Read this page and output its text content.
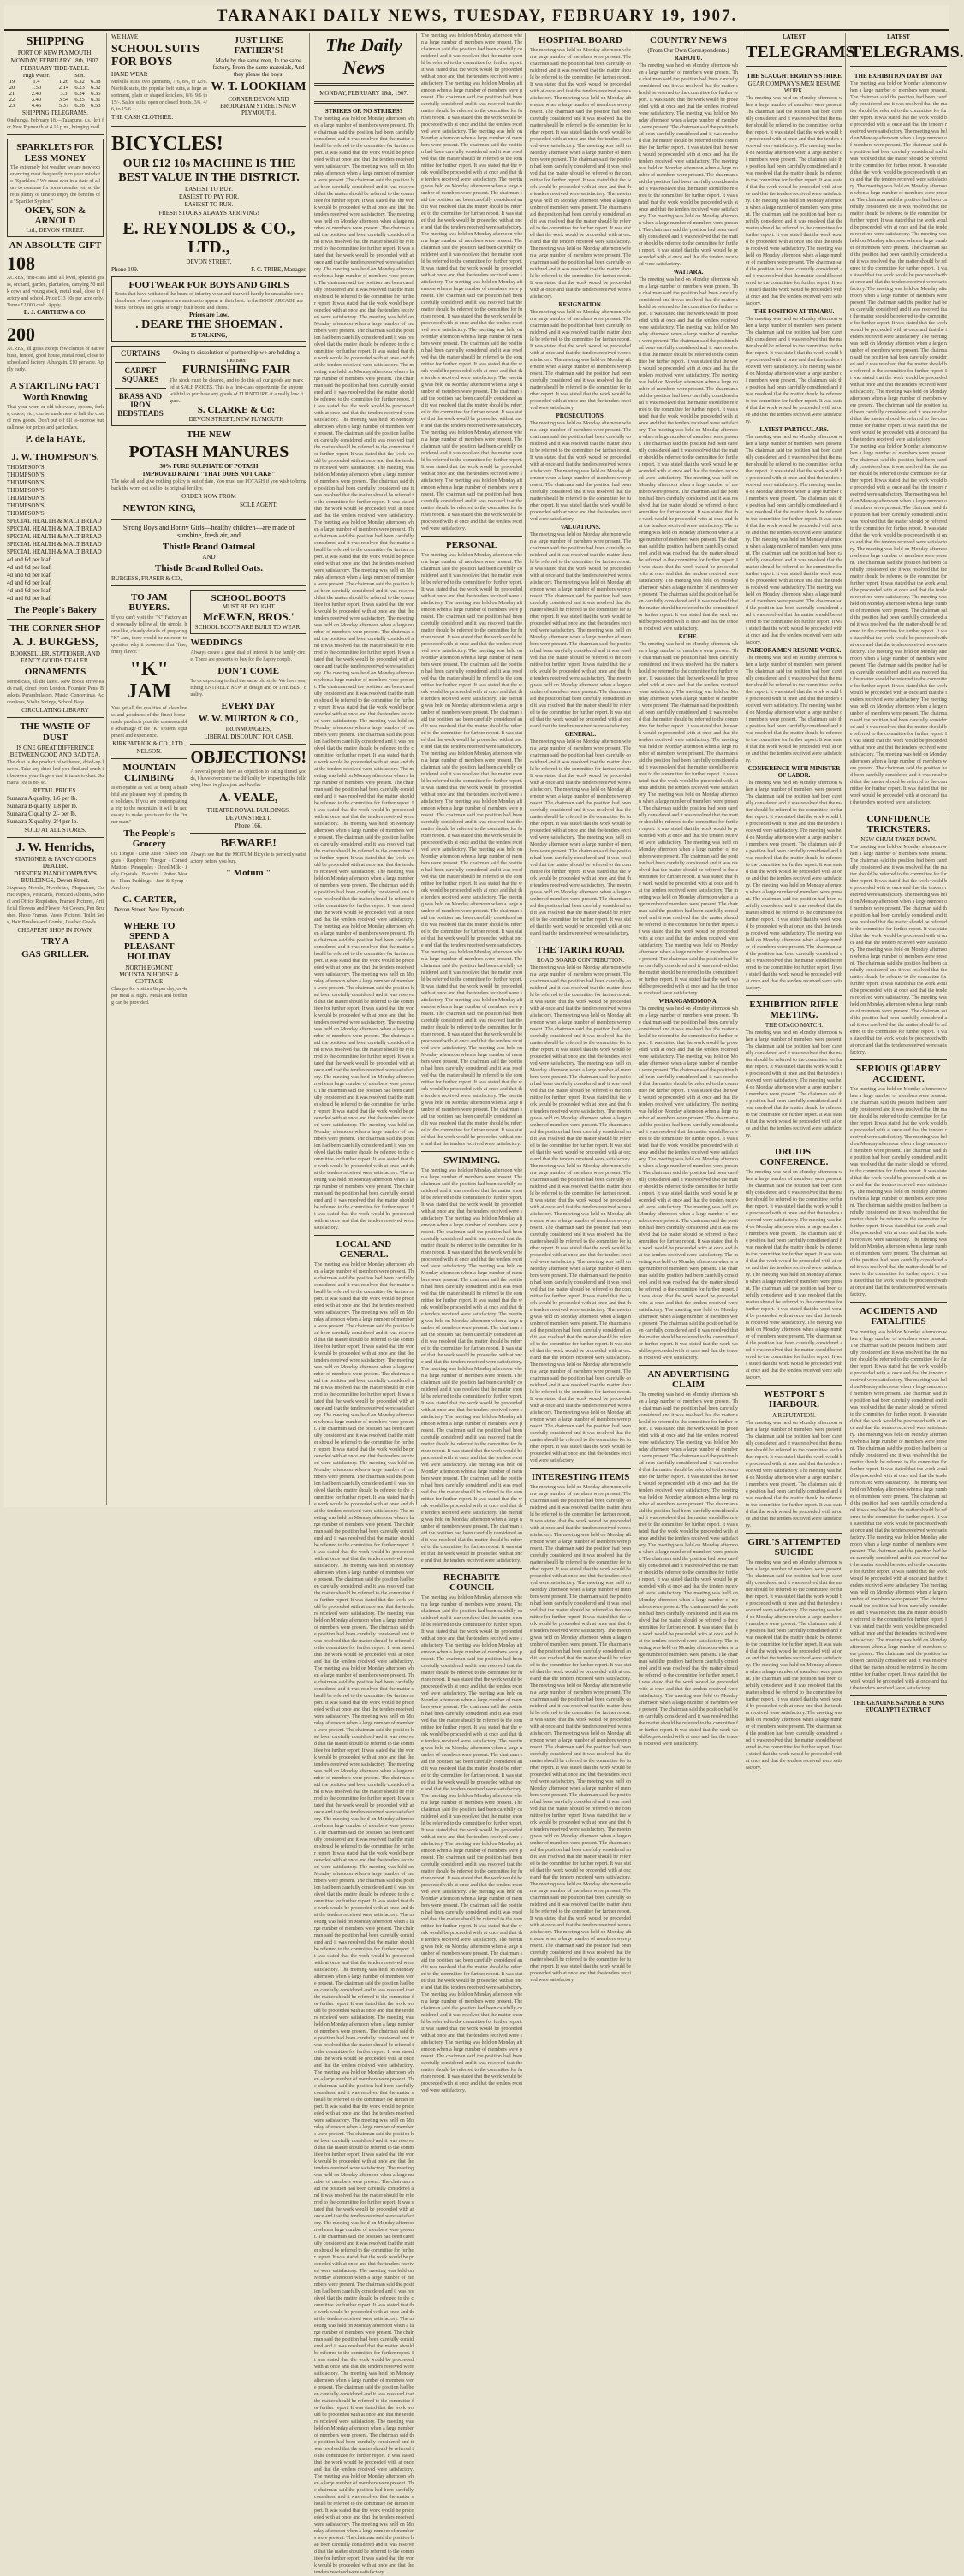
TARANAKI DAILY NEWS, TUESDAY, FEBRUARY 19, 1907.
SHIPPING
PORT OF NEW PLYMOUTH.
MONDAY, FEBRUARY 18th, 1907.
FEBRUARY TIDE-TABLE.
	High Water.		Sun.	
19	1.4	1.26	6.32	6.38
20	1.50	2.14	6.23	6.32
21	2.40	3.3	6.24	6.35
22	3.40	3.54	6.25	6.31
23	4.46	5.37	6.26	6.53
SHIPPING TELEGRAMS.
Onehunga, February 18.—Takapuna, s.s., left for New Plymouth at 4.15 p.m., bringing mail.
SPARKLETS FOR LESS MONEY
The extremely hot weather we are now experiencing must frequently turn your minds to "Sparklets." We must ever in a state of allure to continue for some months yet, so there is plenty of time to enjoy the benefits of a "Sparklet Syphon."
OKEY, SON & ARNOLD
Ltd., DEVON STREET.
AN ABSOLUTE GIFT
108
ACRES, first-class land, all level, splendid grass, orchard, garden, plantation, carrying 50 milk cows and young stock, metal road, close to factory and school. Price £13 10s per acre only. Terms £2,000 cash. Apply
E. J. CARTHEW & CO.
200
ACRES, all grass except few clumps of native bush, fenced, good house, metal road, close to school and factory. A bargain. £10 per acre. Apply early.
A STARTLING FACT Worth Knowing
That your worn or old tableware, spoons, forks, cruets, etc., can be made new at half the cost of new goods. Don't put off till to-morrow but call now for prices and particulars.
P. de la HAYE,
J. W. THOMPSON'S.
THOMPSON'S
THOMPSON'S
THOMPSON'S
THOMPSON'S
THOMPSON'S
THOMPSON'S
THOMPSON'S
SPECIAL HEALTH & MALT BREAD
SPECIAL HEALTH & MALT BREAD
SPECIAL HEALTH & MALT BREAD
SPECIAL HEALTH & MALT BREAD
SPECIAL HEALTH & MALT BREAD
4d and 6d per loaf.
4d and 6d per loaf.
4d and 6d per loaf.
4d and 6d per loaf.
4d and 6d per loaf.
4d and 6d per loaf.
The People's Bakery
THE CORNER SHOP
A. J. BURGESS,
BOOKSELLER, STATIONER, AND FANCY GOODS DEALER.
ORNAMENTS
Periodicals, all the latest. New books arrive each mail, direct from London. Fountain Pens, Baskets, Perambulators, Music, Concertinas, Accordions, Violin Strings, School Bags.
CIRCULATING LIBRARY
THE WASTE OF DUST
IS ONE GREAT DIFFERENCE BETWEEN GOOD AND BAD TEA.
The dust is the product of withered, dried-up leaves. Take any dried leaf you find and crush it between your fingers and it turns to dust. Sumatra Tea is not so.
RETAIL PRICES.
Sumatra A quality, 1/6 per lb.
Sumatra B quality, 1/8 per lb.
Sumatra C quality, 2/- per lb.
Sumatra X quality, 2/4 per lb.
SOLD AT ALL STORES.
J. W. Henrichs,
STATIONER & FANCY GOODS DEALER.
DRESDEN PIANO COMPANY'S BUILDINGS, Devon Street.
Sixpenny Novels, Novelettes, Magazines, Comic Papers, Postcards, Postcard Albums, School and Office Requisites, Framed Pictures, Artificial Flowers and Flower Pot Covers, Pen Brushes, Photo Frames, Vases, Pictures, Toilet Sets, Hair Brushes and Combs, Leather Goods.
CHEAPEST SHOP IN TOWN.
TRY A
GAS GRILLER.
WE HAVE
SCHOOL SUITS FOR BOYS
HAND WEAR
Melville suits, two garments, 7/6, 8/6, to 12/6. Norfolk suits, the popular belt suits, a large assortment, plain or shaped knickers, 8/6, 9/6 to 15/-. Sailor suits, open or closed fronts, 3/6, 4/6, to 15/6.
THE CASH CLOTHIER.
JUST LIKE FATHER'S!
Made by the same men, In the same factory, From the same materials, And they please the boys.
W. T. LOOKHAM
CORNER DEVON AND BRODGHAM STREETS NEW PLYMOUTH.
BICYCLES!
OUR £12 10s MACHINE IS THE BEST VALUE IN THE DISTRICT.
EASIEST TO BUY.
EASIEST TO PAY FOR.
EASIEST TO RUN.
FRESH STOCKS ALWAYS ARRIVING!
E. REYNOLDS & CO., LTD.,
DEVON STREET.
Phone 109.	F. C. TRIBE, Manager.
FOOTWEAR FOR BOYS AND GIRLS
Boots that have withstood the brunt of infantry wear and tear will hardly be unsuitable for schoolwear where youngsters are anxious to appear at their best. In the BOOT ARCADE are boots for boys and girls, strongly built boots and shoes.
Prices are Low.
. DEARE THE SHOEMAN .
IS TALKING,
CURTAINS
CARPET SQUARES
BRASS AND IRON BEDSTEADS
Owing to dissolution of partnership we are holding a monster
FURNISHING FAIR
The stock must be cleared, and to do this all our goods are marked at SALE PRICES. This is a first-class opportunity for anyone wishful to purchase any goods of FURNITURE at a really low figure.
S. CLARKE & Co:
DEVON STREET, NEW PLYMOUTH
THE NEW
POTASH MANURES
30% PURE SULPHATE OF POTASH
IMPROVED KAINIT "THAT DOES NOT CAKE"
The take all and give nothing policy is out of date. You must use POTASH if you wish to bring back the worn out soil to its original fertility.
ORDER NOW FROM
NEWTON KING,	SOLE AGENT.
Strong Boys and Bonny Girls—healthy children—are made of sunshine, fresh air, and
Thistle Brand Oatmeal
AND
Thistle Brand Rolled Oats.
BURGESS, FRASER & CO.,
TO JAM BUYERS.
If you can't visit the "K" Factory and personally follow all the simple, homelike, cleanly details of preparing "K" Jam, there would be no room to question why it possesses that "fine, fruity flavor."
"K" JAM
You get all the qualities of cleanliness and goodness of the finest home-made products plus the unmeasurable advantage of the "K" system, equipment and experience.
KIRKPATRICK & CO., LTD.,
NELSON.
MOUNTAIN CLIMBING
Is enjoyable as well as being a healthful and pleasant way of spending the holidays. If you are contemplating a trip to the mountain, it will be necessary to make provision for the "inner man."
The People's Grocery
Ox Tongue · Lime Juice · Sheep Tongues · Raspberry Vinegar · Corned Mutton · Pineapples · Dried Milk · Jelly Crystals · Biscuits · Potted Meats · Plum Puddings · Jam & Syrup · Anchovy
C. CARTER,
Devon Street, New Plymouth
WHERE TO SPEND A PLEASANT HOLIDAY
NORTH EGMONT MOUNTAIN HOUSE & COTTAGE
Charges for visitors 8s per day, or 4s per meal at night. Meals and bedding can be provided.
SCHOOL BOOTS
MUST BE BOUGHT
McEWEN, BROS.'
SCHOOL BOOTS ARE BUILT TO WEAR!
WEDDINGS
Always create a great deal of interest in the family circle. There are presents to buy for the happy couple.
DON'T COME
To us expecting to find the same old style. We have something ENTIRELY NEW in design and of THE BEST quality.
EVERY DAY
W. W. MURTON & CO.,
IRONMONGERS,
LIBERAL DISCOUNT FOR CASH.
OBJECTIONS!
A several people have an objection to eating tinned goods, I have overcome the difficulty by importing the following lines in glass jars and bottles.
A. VEALE,
THEATRE ROYAL BUILDINGS,
DEVON STREET.
Phone 166.
BEWARE!
Always see that the MOTUM Bicycle is perfectly satisfactory before you buy.
" Motum "
The Daily News
MONDAY, FEBRUARY 18th, 1907.
STRIKES OR NO STRIKES?
The meeting was held on Monday afternoon when a large number of members were present. The chairman said the position had been carefully considered and it was resolved that the matter should be referred to the committee for further report. It was stated that the work would be proceeded with at once and that the tenders received were satisfactory. The meeting was held on Monday afternoon when a large number of members were present. The chairman said the position had been carefully considered and it was resolved that the matter should be referred to the committee for further report. It was stated that the work would be proceeded with at once and that the tenders received were satisfactory. The meeting was held on Monday afternoon when a large number of members were present. The chairman said the position had been carefully considered and it was resolved that the matter should be referred to the committee for further report. It was stated that the work would be proceeded with at once and that the tenders received were satisfactory. The meeting was held on Monday afternoon when a large number of members were present. The chairman said the position had been carefully considered and it was resolved that the matter should be referred to the committee for further report. It was stated that the work would be proceeded with at once and that the tenders received were satisfactory. The meeting was held on Monday afternoon when a large number of members were present. The chairman said the position had been carefully considered and it was resolved that the matter should be referred to the committee for further report. It was stated that the work would be proceeded with at once and that the tenders received were satisfactory. The meeting was held on Monday afternoon when a large number of members were present. The chairman said the position had been carefully considered and it was resolved that the matter should be referred to the committee for further report. It was stated that the work would be proceeded with at once and that the tenders received were satisfactory. The meeting was held on Monday afternoon when a large number of members were present. The chairman said the position had been carefully considered and it was resolved that the matter should be referred to the committee for further report. It was stated that the work would be proceeded with at once and that the tenders received were satisfactory. The meeting was held on Monday afternoon when a large number of members were present. The chairman said the position had been carefully considered and it was resolved that the matter should be referred to the committee for further report. It was stated that the work would be proceeded with at once and that the tenders received were satisfactory. The meeting was held on Monday afternoon when a large number of members were present. The chairman said the position had been carefully considered and it was resolved that the matter should be referred to the committee for further report. It was stated that the work would be proceeded with at once and that the tenders received were satisfactory. The meeting was held on Monday afternoon when a large number of members were present. The chairman said the position had been carefully considered and it was resolved that the matter should be referred to the committee for further report. It was stated that the work would be proceeded with at once and that the tenders received were satisfactory. The meeting was held on Monday afternoon when a large number of members were present. The chairman said the position had been carefully considered and it was resolved that the matter should be referred to the committee for further report. It was stated that the work would be proceeded with at once and that the tenders received were satisfactory. The meeting was held on Monday afternoon when a large number of members were present. The chairman said the position had been carefully considered and it was resolved that the matter should be referred to the committee for further report. It was stated that the work would be proceeded with at once and that the tenders received were satisfactory. The meeting was held on Monday afternoon when a large number of members were present. The chairman said the position had been carefully considered and it was resolved that the matter should be referred to the committee for further report. It was stated that the work would be proceeded with at once and that the tenders received were satisfactory. The meeting was held on Monday afternoon when a large number of members were present. The chairman said the position had been carefully considered and it was resolved that the matter should be referred to the committee for further report. It was stated that the work would be proceeded with at once and that the tenders received were satisfactory. The meeting was held on Monday afternoon when a large number of members were present. The chairman said the position had been carefully considered and it was resolved that the matter should be referred to the committee for further report. It was stated that the work would be proceeded with at once and that the tenders received were satisfactory. The meeting was held on Monday afternoon when a large number of members were present. The chairman said the position had been carefully considered and it was resolved that the matter should be referred to the committee for further report. It was stated that the work would be proceeded with at once and that the tenders received were satisfactory. The meeting was held on Monday afternoon when a large number of members were present. The chairman said the position had been carefully considered and it was resolved that the matter should be referred to the committee for further report. It was stated that the work would be proceeded with at once and that the tenders received were satisfactory. The meeting was held on Monday afternoon when a large number of members were present. The chairman said the position had been carefully considered and it was resolved that the matter should be referred to the committee for further report. It was stated that the work would be proceeded with at once and that the tenders received were satisfactory. The meeting was held on Monday afternoon when a large number of members were present. The chairman said the position had been carefully considered and it was resolved that the matter should be referred to the committee for further report. It was stated that the work would be proceeded with at once and that the tenders received were satisfactory. The meeting was held on Monday afternoon when a large number of members were present. The chairman said the position had been carefully considered and it was resolved that the matter should be referred to the committee for further report. It was stated that the work would be proceeded with at once and that the tenders received were satisfactory. The meeting was held on Monday afternoon when a large number of members were present. The chairman said the position had been carefully considered and it was resolved that the matter should be referred to the committee for further report. It was stated that the work would be proceeded with at once and that the tenders received were satisfactory. The meeting was held on Monday afternoon when a large number of members were present. The chairman said the position had been carefully considered and it was resolved that the matter should be referred to the committee for further report. It was stated that the work would be proceeded with at once and that the tenders received were satisfactory.
LOCAL AND GENERAL.
The meeting was held on Monday afternoon when a large number of members were present. The chairman said the position had been carefully considered and it was resolved that the matter should be referred to the committee for further report. It was stated that the work would be proceeded with at once and that the tenders received were satisfactory. The meeting was held on Monday afternoon when a large number of members were present. The chairman said the position had been carefully considered and it was resolved that the matter should be referred to the committee for further report. It was stated that the work would be proceeded with at once and that the tenders received were satisfactory. The meeting was held on Monday afternoon when a large number of members were present. The chairman said the position had been carefully considered and it was resolved that the matter should be referred to the committee for further report. It was stated that the work would be proceeded with at once and that the tenders received were satisfactory. The meeting was held on Monday afternoon when a large number of members were present. The chairman said the position had been carefully considered and it was resolved that the matter should be referred to the committee for further report. It was stated that the work would be proceeded with at once and that the tenders received were satisfactory. The meeting was held on Monday afternoon when a large number of members were present. The chairman said the position had been carefully considered and it was resolved that the matter should be referred to the committee for further report. It was stated that the work would be proceeded with at once and that the tenders received were satisfactory. The meeting was held on Monday afternoon when a large number of members were present. The chairman said the position had been carefully considered and it was resolved that the matter should be referred to the committee for further report. It was stated that the work would be proceeded with at once and that the tenders received were satisfactory. The meeting was held on Monday afternoon when a large number of members were present. The chairman said the position had been carefully considered and it was resolved that the matter should be referred to the committee for further report. It was stated that the work would be proceeded with at once and that the tenders received were satisfactory. The meeting was held on Monday afternoon when a large number of members were present. The chairman said the position had been carefully considered and it was resolved that the matter should be referred to the committee for further report. It was stated that the work would be proceeded with at once and that the tenders received were satisfactory. The meeting was held on Monday afternoon when a large number of members were present. The chairman said the position had been carefully considered and it was resolved that the matter should be referred to the committee for further report. It was stated that the work would be proceeded with at once and that the tenders received were satisfactory. The meeting was held on Monday afternoon when a large number of members were present. The chairman said the position had been carefully considered and it was resolved that the matter should be referred to the committee for further report. It was stated that the work would be proceeded with at once and that the tenders received were satisfactory. The meeting was held on Monday afternoon when a large number of members were present. The chairman said the position had been carefully considered and it was resolved that the matter should be referred to the committee for further report. It was stated that the work would be proceeded with at once and that the tenders received were satisfactory. The meeting was held on Monday afternoon when a large number of members were present. The chairman said the position had been carefully considered and it was resolved that the matter should be referred to the committee for further report. It was stated that the work would be proceeded with at once and that the tenders received were satisfactory. The meeting was held on Monday afternoon when a large number of members were present. The chairman said the position had been carefully considered and it was resolved that the matter should be referred to the committee for further report. It was stated that the work would be proceeded with at once and that the tenders received were satisfactory. The meeting was held on Monday afternoon when a large number of members were present. The chairman said the position had been carefully considered and it was resolved that the matter should be referred to the committee for further report. It was stated that the work would be proceeded with at once and that the tenders received were satisfactory. The meeting was held on Monday afternoon when a large number of members were present. The chairman said the position had been carefully considered and it was resolved that the matter should be referred to the committee for further report. It was stated that the work would be proceeded with at once and that the tenders received were satisfactory. The meeting was held on Monday afternoon when a large number of members were present. The chairman said the position had been carefully considered and it was resolved that the matter should be referred to the committee for further report. It was stated that the work would be proceeded with at once and that the tenders received were satisfactory. The meeting was held on Monday afternoon when a large number of members were present. The chairman said the position had been carefully considered and it was resolved that the matter should be referred to the committee for further report. It was stated that the work would be proceeded with at once and that the tenders received were satisfactory. The meeting was held on Monday afternoon when a large number of members were present. The chairman said the position had been carefully considered and it was resolved that the matter should be referred to the committee for further report. It was stated that the work would be proceeded with at once and that the tenders received were satisfactory. The meeting was held on Monday afternoon when a large number of members were present. The chairman said the position had been carefully considered and it was resolved that the matter should be referred to the committee for further report. It was stated that the work would be proceeded with at once and that the tenders received were satisfactory. The meeting was held on Monday afternoon when a large number of members were present. The chairman said the position had been carefully considered and it was resolved that the matter should be referred to the committee for further report. It was stated that the work would be proceeded with at once and that the tenders received were satisfactory. The meeting was held on Monday afternoon when a large number of members were present. The chairman said the position had been carefully considered and it was resolved that the matter should be referred to the committee for further report. It was stated that the work would be proceeded with at once and that the tenders received were satisfactory. The meeting was held on Monday afternoon when a large number of members were present. The chairman said the position had been carefully considered and it was resolved that the matter should be referred to the committee for further report. It was stated that the work would be proceeded with at once and that the tenders received were satisfactory. The meeting was held on Monday afternoon when a large number of members were present. The chairman said the position had been carefully considered and it was resolved that the matter should be referred to the committee for further report. It was stated that the work would be proceeded with at once and that the tenders received were satisfactory. The meeting was held on Monday afternoon when a large number of members were present. The chairman said the position had been carefully considered and it was resolved that the matter should be referred to the committee for further report. It was stated that the work would be proceeded with at once and that the tenders received were satisfactory. The meeting was held on Monday afternoon when a large number of members were present. The chairman said the position had been carefully considered and it was resolved that the matter should be referred to the committee for further report. It was stated that the work would be proceeded with at once and that the tenders received were satisfactory. The meeting was held on Monday afternoon when a large number of members were present. The chairman said the position had been carefully considered and it was resolved that the matter should be referred to the committee for further report. It was stated that the work would be proceeded with at once and that the tenders received were satisfactory.
The meeting was held on Monday afternoon when a large number of members were present. The chairman said the position had been carefully considered and it was resolved that the matter should be referred to the committee for further report. It was stated that the work would be proceeded with at once and that the tenders received were satisfactory. The meeting was held on Monday afternoon when a large number of members were present. The chairman said the position had been carefully considered and it was resolved that the matter should be referred to the committee for further report. It was stated that the work would be proceeded with at once and that the tenders received were satisfactory. The meeting was held on Monday afternoon when a large number of members were present. The chairman said the position had been carefully considered and it was resolved that the matter should be referred to the committee for further report. It was stated that the work would be proceeded with at once and that the tenders received were satisfactory. The meeting was held on Monday afternoon when a large number of members were present. The chairman said the position had been carefully considered and it was resolved that the matter should be referred to the committee for further report. It was stated that the work would be proceeded with at once and that the tenders received were satisfactory. The meeting was held on Monday afternoon when a large number of members were present. The chairman said the position had been carefully considered and it was resolved that the matter should be referred to the committee for further report. It was stated that the work would be proceeded with at once and that the tenders received were satisfactory. The meeting was held on Monday afternoon when a large number of members were present. The chairman said the position had been carefully considered and it was resolved that the matter should be referred to the committee for further report. It was stated that the work would be proceeded with at once and that the tenders received were satisfactory. The meeting was held on Monday afternoon when a large number of members were present. The chairman said the position had been carefully considered and it was resolved that the matter should be referred to the committee for further report. It was stated that the work would be proceeded with at once and that the tenders received were satisfactory. The meeting was held on Monday afternoon when a large number of members were present. The chairman said the position had been carefully considered and it was resolved that the matter should be referred to the committee for further report. It was stated that the work would be proceeded with at once and that the tenders received were satisfactory. The meeting was held on Monday afternoon when a large number of members were present. The chairman said the position had been carefully considered and it was resolved that the matter should be referred to the committee for further report. It was stated that the work would be proceeded with at once and that the tenders received were satisfactory. The meeting was held on Monday afternoon when a large number of members were present. The chairman said the position had been carefully considered and it was resolved that the matter should be referred to the committee for further report. It was stated that the work would be proceeded with at once and that the tenders received were satisfactory.
PERSONAL
The meeting was held on Monday afternoon when a large number of members were present. The chairman said the position had been carefully considered and it was resolved that the matter should be referred to the committee for further report. It was stated that the work would be proceeded with at once and that the tenders received were satisfactory. The meeting was held on Monday afternoon when a large number of members were present. The chairman said the position had been carefully considered and it was resolved that the matter should be referred to the committee for further report. It was stated that the work would be proceeded with at once and that the tenders received were satisfactory. The meeting was held on Monday afternoon when a large number of members were present. The chairman said the position had been carefully considered and it was resolved that the matter should be referred to the committee for further report. It was stated that the work would be proceeded with at once and that the tenders received were satisfactory. The meeting was held on Monday afternoon when a large number of members were present. The chairman said the position had been carefully considered and it was resolved that the matter should be referred to the committee for further report. It was stated that the work would be proceeded with at once and that the tenders received were satisfactory. The meeting was held on Monday afternoon when a large number of members were present. The chairman said the position had been carefully considered and it was resolved that the matter should be referred to the committee for further report. It was stated that the work would be proceeded with at once and that the tenders received were satisfactory. The meeting was held on Monday afternoon when a large number of members were present. The chairman said the position had been carefully considered and it was resolved that the matter should be referred to the committee for further report. It was stated that the work would be proceeded with at once and that the tenders received were satisfactory. The meeting was held on Monday afternoon when a large number of members were present. The chairman said the position had been carefully considered and it was resolved that the matter should be referred to the committee for further report. It was stated that the work would be proceeded with at once and that the tenders received were satisfactory. The meeting was held on Monday afternoon when a large number of members were present. The chairman said the position had been carefully considered and it was resolved that the matter should be referred to the committee for further report. It was stated that the work would be proceeded with at once and that the tenders received were satisfactory. The meeting was held on Monday afternoon when a large number of members were present. The chairman said the position had been carefully considered and it was resolved that the matter should be referred to the committee for further report. It was stated that the work would be proceeded with at once and that the tenders received were satisfactory. The meeting was held on Monday afternoon when a large number of members were present. The chairman said the position had been carefully considered and it was resolved that the matter should be referred to the committee for further report. It was stated that the work would be proceeded with at once and that the tenders received were satisfactory. The meeting was held on Monday afternoon when a large number of members were present. The chairman said the position had been carefully considered and it was resolved that the matter should be referred to the committee for further report. It was stated that the work would be proceeded with at once and that the tenders received were satisfactory. The meeting was held on Monday afternoon when a large number of members were present. The chairman said the position had been carefully considered and it was resolved that the matter should be referred to the committee for further report. It was stated that the work would be proceeded with at once and that the tenders received were satisfactory.
SWIMMING.
The meeting was held on Monday afternoon when a large number of members were present. The chairman said the position had been carefully considered and it was resolved that the matter should be referred to the committee for further report. It was stated that the work would be proceeded with at once and that the tenders received were satisfactory. The meeting was held on Monday afternoon when a large number of members were present. The chairman said the position had been carefully considered and it was resolved that the matter should be referred to the committee for further report. It was stated that the work would be proceeded with at once and that the tenders received were satisfactory. The meeting was held on Monday afternoon when a large number of members were present. The chairman said the position had been carefully considered and it was resolved that the matter should be referred to the committee for further report. It was stated that the work would be proceeded with at once and that the tenders received were satisfactory. The meeting was held on Monday afternoon when a large number of members were present. The chairman said the position had been carefully considered and it was resolved that the matter should be referred to the committee for further report. It was stated that the work would be proceeded with at once and that the tenders received were satisfactory. The meeting was held on Monday afternoon when a large number of members were present. The chairman said the position had been carefully considered and it was resolved that the matter should be referred to the committee for further report. It was stated that the work would be proceeded with at once and that the tenders received were satisfactory. The meeting was held on Monday afternoon when a large number of members were present. The chairman said the position had been carefully considered and it was resolved that the matter should be referred to the committee for further report. It was stated that the work would be proceeded with at once and that the tenders received were satisfactory. The meeting was held on Monday afternoon when a large number of members were present. The chairman said the position had been carefully considered and it was resolved that the matter should be referred to the committee for further report. It was stated that the work would be proceeded with at once and that the tenders received were satisfactory. The meeting was held on Monday afternoon when a large number of members were present. The chairman said the position had been carefully considered and it was resolved that the matter should be referred to the committee for further report. It was stated that the work would be proceeded with at once and that the tenders received were satisfactory.
RECHABITE COUNCIL
The meeting was held on Monday afternoon when a large number of members were present. The chairman said the position had been carefully considered and it was resolved that the matter should be referred to the committee for further report. It was stated that the work would be proceeded with at once and that the tenders received were satisfactory. The meeting was held on Monday afternoon when a large number of members were present. The chairman said the position had been carefully considered and it was resolved that the matter should be referred to the committee for further report. It was stated that the work would be proceeded with at once and that the tenders received were satisfactory. The meeting was held on Monday afternoon when a large number of members were present. The chairman said the position had been carefully considered and it was resolved that the matter should be referred to the committee for further report. It was stated that the work would be proceeded with at once and that the tenders received were satisfactory. The meeting was held on Monday afternoon when a large number of members were present. The chairman said the position had been carefully considered and it was resolved that the matter should be referred to the committee for further report. It was stated that the work would be proceeded with at once and that the tenders received were satisfactory. The meeting was held on Monday afternoon when a large number of members were present. The chairman said the position had been carefully considered and it was resolved that the matter should be referred to the committee for further report. It was stated that the work would be proceeded with at once and that the tenders received were satisfactory. The meeting was held on Monday afternoon when a large number of members were present. The chairman said the position had been carefully considered and it was resolved that the matter should be referred to the committee for further report. It was stated that the work would be proceeded with at once and that the tenders received were satisfactory. The meeting was held on Monday afternoon when a large number of members were present. The chairman said the position had been carefully considered and it was resolved that the matter should be referred to the committee for further report. It was stated that the work would be proceeded with at once and that the tenders received were satisfactory. The meeting was held on Monday afternoon when a large number of members were present. The chairman said the position had been carefully considered and it was resolved that the matter should be referred to the committee for further report. It was stated that the work would be proceeded with at once and that the tenders received were satisfactory. The meeting was held on Monday afternoon when a large number of members were present. The chairman said the position had been carefully considered and it was resolved that the matter should be referred to the committee for further report. It was stated that the work would be proceeded with at once and that the tenders received were satisfactory. The meeting was held on Monday afternoon when a large number of members were present. The chairman said the position had been carefully considered and it was resolved that the matter should be referred to the committee for further report. It was stated that the work would be proceeded with at once and that the tenders received were satisfactory.
HOSPITAL BOARD
The meeting was held on Monday afternoon when a large number of members were present. The chairman said the position had been carefully considered and it was resolved that the matter should be referred to the committee for further report. It was stated that the work would be proceeded with at once and that the tenders received were satisfactory. The meeting was held on Monday afternoon when a large number of members were present. The chairman said the position had been carefully considered and it was resolved that the matter should be referred to the committee for further report. It was stated that the work would be proceeded with at once and that the tenders received were satisfactory. The meeting was held on Monday afternoon when a large number of members were present. The chairman said the position had been carefully considered and it was resolved that the matter should be referred to the committee for further report. It was stated that the work would be proceeded with at once and that the tenders received were satisfactory. The meeting was held on Monday afternoon when a large number of members were present. The chairman said the position had been carefully considered and it was resolved that the matter should be referred to the committee for further report. It was stated that the work would be proceeded with at once and that the tenders received were satisfactory. The meeting was held on Monday afternoon when a large number of members were present. The chairman said the position had been carefully considered and it was resolved that the matter should be referred to the committee for further report. It was stated that the work would be proceeded with at once and that the tenders received were satisfactory.
RESIGNATION.
The meeting was held on Monday afternoon when a large number of members were present. The chairman said the position had been carefully considered and it was resolved that the matter should be referred to the committee for further report. It was stated that the work would be proceeded with at once and that the tenders received were satisfactory. The meeting was held on Monday afternoon when a large number of members were present. The chairman said the position had been carefully considered and it was resolved that the matter should be referred to the committee for further report. It was stated that the work would be proceeded with at once and that the tenders received were satisfactory.
PROSECUTIONS.
The meeting was held on Monday afternoon when a large number of members were present. The chairman said the position had been carefully considered and it was resolved that the matter should be referred to the committee for further report. It was stated that the work would be proceeded with at once and that the tenders received were satisfactory. The meeting was held on Monday afternoon when a large number of members were present. The chairman said the position had been carefully considered and it was resolved that the matter should be referred to the committee for further report. It was stated that the work would be proceeded with at once and that the tenders received were satisfactory.
VALUATIONS.
The meeting was held on Monday afternoon when a large number of members were present. The chairman said the position had been carefully considered and it was resolved that the matter should be referred to the committee for further report. It was stated that the work would be proceeded with at once and that the tenders received were satisfactory. The meeting was held on Monday afternoon when a large number of members were present. The chairman said the position had been carefully considered and it was resolved that the matter should be referred to the committee for further report. It was stated that the work would be proceeded with at once and that the tenders received were satisfactory. The meeting was held on Monday afternoon when a large number of members were present. The chairman said the position had been carefully considered and it was resolved that the matter should be referred to the committee for further report. It was stated that the work would be proceeded with at once and that the tenders received were satisfactory. The meeting was held on Monday afternoon when a large number of members were present. The chairman said the position had been carefully considered and it was resolved that the matter should be referred to the committee for further report. It was stated that the work would be proceeded with at once and that the tenders received were satisfactory.
GENERAL.
The meeting was held on Monday afternoon when a large number of members were present. The chairman said the position had been carefully considered and it was resolved that the matter should be referred to the committee for further report. It was stated that the work would be proceeded with at once and that the tenders received were satisfactory. The meeting was held on Monday afternoon when a large number of members were present. The chairman said the position had been carefully considered and it was resolved that the matter should be referred to the committee for further report. It was stated that the work would be proceeded with at once and that the tenders received were satisfactory. The meeting was held on Monday afternoon when a large number of members were present. The chairman said the position had been carefully considered and it was resolved that the matter should be referred to the committee for further report. It was stated that the work would be proceeded with at once and that the tenders received were satisfactory. The meeting was held on Monday afternoon when a large number of members were present. The chairman said the position had been carefully considered and it was resolved that the matter should be referred to the committee for further report. It was stated that the work would be proceeded with at once and that the tenders received were satisfactory.
THE TARIKI ROAD.
ROAD BOARD CONTRIBUTION.
The meeting was held on Monday afternoon when a large number of members were present. The chairman said the position had been carefully considered and it was resolved that the matter should be referred to the committee for further report. It was stated that the work would be proceeded with at once and that the tenders received were satisfactory. The meeting was held on Monday afternoon when a large number of members were present. The chairman said the position had been carefully considered and it was resolved that the matter should be referred to the committee for further report. It was stated that the work would be proceeded with at once and that the tenders received were satisfactory. The meeting was held on Monday afternoon when a large number of members were present. The chairman said the position had been carefully considered and it was resolved that the matter should be referred to the committee for further report. It was stated that the work would be proceeded with at once and that the tenders received were satisfactory. The meeting was held on Monday afternoon when a large number of members were present. The chairman said the position had been carefully considered and it was resolved that the matter should be referred to the committee for further report. It was stated that the work would be proceeded with at once and that the tenders received were satisfactory. The meeting was held on Monday afternoon when a large number of members were present. The chairman said the position had been carefully considered and it was resolved that the matter should be referred to the committee for further report. It was stated that the work would be proceeded with at once and that the tenders received were satisfactory. The meeting was held on Monday afternoon when a large number of members were present. The chairman said the position had been carefully considered and it was resolved that the matter should be referred to the committee for further report. It was stated that the work would be proceeded with at once and that the tenders received were satisfactory. The meeting was held on Monday afternoon when a large number of members were present. The chairman said the position had been carefully considered and it was resolved that the matter should be referred to the committee for further report. It was stated that the work would be proceeded with at once and that the tenders received were satisfactory. The meeting was held on Monday afternoon when a large number of members were present. The chairman said the position had been carefully considered and it was resolved that the matter should be referred to the committee for further report. It was stated that the work would be proceeded with at once and that the tenders received were satisfactory. The meeting was held on Monday afternoon when a large number of members were present. The chairman said the position had been carefully considered and it was resolved that the matter should be referred to the committee for further report. It was stated that the work would be proceeded with at once and that the tenders received were satisfactory. The meeting was held on Monday afternoon when a large number of members were present. The chairman said the position had been carefully considered and it was resolved that the matter should be referred to the committee for further report. It was stated that the work would be proceeded with at once and that the tenders received were satisfactory.
INTERESTING ITEMS
The meeting was held on Monday afternoon when a large number of members were present. The chairman said the position had been carefully considered and it was resolved that the matter should be referred to the committee for further report. It was stated that the work would be proceeded with at once and that the tenders received were satisfactory. The meeting was held on Monday afternoon when a large number of members were present. The chairman said the position had been carefully considered and it was resolved that the matter should be referred to the committee for further report. It was stated that the work would be proceeded with at once and that the tenders received were satisfactory. The meeting was held on Monday afternoon when a large number of members were present. The chairman said the position had been carefully considered and it was resolved that the matter should be referred to the committee for further report. It was stated that the work would be proceeded with at once and that the tenders received were satisfactory. The meeting was held on Monday afternoon when a large number of members were present. The chairman said the position had been carefully considered and it was resolved that the matter should be referred to the committee for further report. It was stated that the work would be proceeded with at once and that the tenders received were satisfactory. The meeting was held on Monday afternoon when a large number of members were present. The chairman said the position had been carefully considered and it was resolved that the matter should be referred to the committee for further report. It was stated that the work would be proceeded with at once and that the tenders received were satisfactory. The meeting was held on Monday afternoon when a large number of members were present. The chairman said the position had been carefully considered and it was resolved that the matter should be referred to the committee for further report. It was stated that the work would be proceeded with at once and that the tenders received were satisfactory. The meeting was held on Monday afternoon when a large number of members were present. The chairman said the position had been carefully considered and it was resolved that the matter should be referred to the committee for further report. It was stated that the work would be proceeded with at once and that the tenders received were satisfactory. The meeting was held on Monday afternoon when a large number of members were present. The chairman said the position had been carefully considered and it was resolved that the matter should be referred to the committee for further report. It was stated that the work would be proceeded with at once and that the tenders received were satisfactory. The meeting was held on Monday afternoon when a large number of members were present. The chairman said the position had been carefully considered and it was resolved that the matter should be referred to the committee for further report. It was stated that the work would be proceeded with at once and that the tenders received were satisfactory. The meeting was held on Monday afternoon when a large number of members were present. The chairman said the position had been carefully considered and it was resolved that the matter should be referred to the committee for further report. It was stated that the work would be proceeded with at once and that the tenders received were satisfactory.
COUNTRY NEWS
(From Our Own Correspondents.)
RAHOTU.
The meeting was held on Monday afternoon when a large number of members were present. The chairman said the position had been carefully considered and it was resolved that the matter should be referred to the committee for further report. It was stated that the work would be proceeded with at once and that the tenders received were satisfactory. The meeting was held on Monday afternoon when a large number of members were present. The chairman said the position had been carefully considered and it was resolved that the matter should be referred to the committee for further report. It was stated that the work would be proceeded with at once and that the tenders received were satisfactory. The meeting was held on Monday afternoon when a large number of members were present. The chairman said the position had been carefully considered and it was resolved that the matter should be referred to the committee for further report. It was stated that the work would be proceeded with at once and that the tenders received were satisfactory. The meeting was held on Monday afternoon when a large number of members were present. The chairman said the position had been carefully considered and it was resolved that the matter should be referred to the committee for further report. It was stated that the work would be proceeded with at once and that the tenders received were satisfactory.
WAITARA.
The meeting was held on Monday afternoon when a large number of members were present. The chairman said the position had been carefully considered and it was resolved that the matter should be referred to the committee for further report. It was stated that the work would be proceeded with at once and that the tenders received were satisfactory. The meeting was held on Monday afternoon when a large number of members were present. The chairman said the position had been carefully considered and it was resolved that the matter should be referred to the committee for further report. It was stated that the work would be proceeded with at once and that the tenders received were satisfactory. The meeting was held on Monday afternoon when a large number of members were present. The chairman said the position had been carefully considered and it was resolved that the matter should be referred to the committee for further report. It was stated that the work would be proceeded with at once and that the tenders received were satisfactory. The meeting was held on Monday afternoon when a large number of members were present. The chairman said the position had been carefully considered and it was resolved that the matter should be referred to the committee for further report. It was stated that the work would be proceeded with at once and that the tenders received were satisfactory. The meeting was held on Monday afternoon when a large number of members were present. The chairman said the position had been carefully considered and it was resolved that the matter should be referred to the committee for further report. It was stated that the work would be proceeded with at once and that the tenders received were satisfactory. The meeting was held on Monday afternoon when a large number of members were present. The chairman said the position had been carefully considered and it was resolved that the matter should be referred to the committee for further report. It was stated that the work would be proceeded with at once and that the tenders received were satisfactory. The meeting was held on Monday afternoon when a large number of members were present. The chairman said the position had been carefully considered and it was resolved that the matter should be referred to the committee for further report. It was stated that the work would be proceeded with at once and that the tenders received were satisfactory.
KOHE.
The meeting was held on Monday afternoon when a large number of members were present. The chairman said the position had been carefully considered and it was resolved that the matter should be referred to the committee for further report. It was stated that the work would be proceeded with at once and that the tenders received were satisfactory. The meeting was held on Monday afternoon when a large number of members were present. The chairman said the position had been carefully considered and it was resolved that the matter should be referred to the committee for further report. It was stated that the work would be proceeded with at once and that the tenders received were satisfactory. The meeting was held on Monday afternoon when a large number of members were present. The chairman said the position had been carefully considered and it was resolved that the matter should be referred to the committee for further report. It was stated that the work would be proceeded with at once and that the tenders received were satisfactory. The meeting was held on Monday afternoon when a large number of members were present. The chairman said the position had been carefully considered and it was resolved that the matter should be referred to the committee for further report. It was stated that the work would be proceeded with at once and that the tenders received were satisfactory. The meeting was held on Monday afternoon when a large number of members were present. The chairman said the position had been carefully considered and it was resolved that the matter should be referred to the committee for further report. It was stated that the work would be proceeded with at once and that the tenders received were satisfactory. The meeting was held on Monday afternoon when a large number of members were present. The chairman said the position had been carefully considered and it was resolved that the matter should be referred to the committee for further report. It was stated that the work would be proceeded with at once and that the tenders received were satisfactory. The meeting was held on Monday afternoon when a large number of members were present. The chairman said the position had been carefully considered and it was resolved that the matter should be referred to the committee for further report. It was stated that the work would be proceeded with at once and that the tenders received were satisfactory.
WHANGAMOMONA.
The meeting was held on Monday afternoon when a large number of members were present. The chairman said the position had been carefully considered and it was resolved that the matter should be referred to the committee for further report. It was stated that the work would be proceeded with at once and that the tenders received were satisfactory. The meeting was held on Monday afternoon when a large number of members were present. The chairman said the position had been carefully considered and it was resolved that the matter should be referred to the committee for further report. It was stated that the work would be proceeded with at once and that the tenders received were satisfactory. The meeting was held on Monday afternoon when a large number of members were present. The chairman said the position had been carefully considered and it was resolved that the matter should be referred to the committee for further report. It was stated that the work would be proceeded with at once and that the tenders received were satisfactory. The meeting was held on Monday afternoon when a large number of members were present. The chairman said the position had been carefully considered and it was resolved that the matter should be referred to the committee for further report. It was stated that the work would be proceeded with at once and that the tenders received were satisfactory. The meeting was held on Monday afternoon when a large number of members were present. The chairman said the position had been carefully considered and it was resolved that the matter should be referred to the committee for further report. It was stated that the work would be proceeded with at once and that the tenders received were satisfactory. The meeting was held on Monday afternoon when a large number of members were present. The chairman said the position had been carefully considered and it was resolved that the matter should be referred to the committee for further report. It was stated that the work would be proceeded with at once and that the tenders received were satisfactory. The meeting was held on Monday afternoon when a large number of members were present. The chairman said the position had been carefully considered and it was resolved that the matter should be referred to the committee for further report. It was stated that the work would be proceeded with at once and that the tenders received were satisfactory.
AN ADVERTISING CLAIM
The meeting was held on Monday afternoon when a large number of members were present. The chairman said the position had been carefully considered and it was resolved that the matter should be referred to the committee for further report. It was stated that the work would be proceeded with at once and that the tenders received were satisfactory. The meeting was held on Monday afternoon when a large number of members were present. The chairman said the position had been carefully considered and it was resolved that the matter should be referred to the committee for further report. It was stated that the work would be proceeded with at once and that the tenders received were satisfactory. The meeting was held on Monday afternoon when a large number of members were present. The chairman said the position had been carefully considered and it was resolved that the matter should be referred to the committee for further report. It was stated that the work would be proceeded with at once and that the tenders received were satisfactory. The meeting was held on Monday afternoon when a large number of members were present. The chairman said the position had been carefully considered and it was resolved that the matter should be referred to the committee for further report. It was stated that the work would be proceeded with at once and that the tenders received were satisfactory. The meeting was held on Monday afternoon when a large number of members were present. The chairman said the position had been carefully considered and it was resolved that the matter should be referred to the committee for further report. It was stated that the work would be proceeded with at once and that the tenders received were satisfactory. The meeting was held on Monday afternoon when a large number of members were present. The chairman said the position had been carefully considered and it was resolved that the matter should be referred to the committee for further report. It was stated that the work would be proceeded with at once and that the tenders received were satisfactory. The meeting was held on Monday afternoon when a large number of members were present. The chairman said the position had been carefully considered and it was resolved that the matter should be referred to the committee for further report. It was stated that the work would be proceeded with at once and that the tenders received were satisfactory.
LATEST
TELEGRAMS
THE SLAUGHTERMEN'S STRIKE
GEAR COMPANY'S MEN RESUME WORK.
The meeting was held on Monday afternoon when a large number of members were present. The chairman said the position had been carefully considered and it was resolved that the matter should be referred to the committee for further report. It was stated that the work would be proceeded with at once and that the tenders received were satisfactory. The meeting was held on Monday afternoon when a large number of members were present. The chairman said the position had been carefully considered and it was resolved that the matter should be referred to the committee for further report. It was stated that the work would be proceeded with at once and that the tenders received were satisfactory. The meeting was held on Monday afternoon when a large number of members were present. The chairman said the position had been carefully considered and it was resolved that the matter should be referred to the committee for further report. It was stated that the work would be proceeded with at once and that the tenders received were satisfactory. The meeting was held on Monday afternoon when a large number of members were present. The chairman said the position had been carefully considered and it was resolved that the matter should be referred to the committee for further report. It was stated that the work would be proceeded with at once and that the tenders received were satisfactory.
THE POSITION AT TIMARU.
The meeting was held on Monday afternoon when a large number of members were present. The chairman said the position had been carefully considered and it was resolved that the matter should be referred to the committee for further report. It was stated that the work would be proceeded with at once and that the tenders received were satisfactory. The meeting was held on Monday afternoon when a large number of members were present. The chairman said the position had been carefully considered and it was resolved that the matter should be referred to the committee for further report. It was stated that the work would be proceeded with at once and that the tenders received were satisfactory.
LATEST PARTICULARS.
The meeting was held on Monday afternoon when a large number of members were present. The chairman said the position had been carefully considered and it was resolved that the matter should be referred to the committee for further report. It was stated that the work would be proceeded with at once and that the tenders received were satisfactory. The meeting was held on Monday afternoon when a large number of members were present. The chairman said the position had been carefully considered and it was resolved that the matter should be referred to the committee for further report. It was stated that the work would be proceeded with at once and that the tenders received were satisfactory. The meeting was held on Monday afternoon when a large number of members were present. The chairman said the position had been carefully considered and it was resolved that the matter should be referred to the committee for further report. It was stated that the work would be proceeded with at once and that the tenders received were satisfactory. The meeting was held on Monday afternoon when a large number of members were present. The chairman said the position had been carefully considered and it was resolved that the matter should be referred to the committee for further report. It was stated that the work would be proceeded with at once and that the tenders received were satisfactory.
PAREORA MEN RESUME WORK.
The meeting was held on Monday afternoon when a large number of members were present. The chairman said the position had been carefully considered and it was resolved that the matter should be referred to the committee for further report. It was stated that the work would be proceeded with at once and that the tenders received were satisfactory. The meeting was held on Monday afternoon when a large number of members were present. The chairman said the position had been carefully considered and it was resolved that the matter should be referred to the committee for further report. It was stated that the work would be proceeded with at once and that the tenders received were satisfactory.
CONFERENCE WITH MINISTER OF LABOR.
The meeting was held on Monday afternoon when a large number of members were present. The chairman said the position had been carefully considered and it was resolved that the matter should be referred to the committee for further report. It was stated that the work would be proceeded with at once and that the tenders received were satisfactory. The meeting was held on Monday afternoon when a large number of members were present. The chairman said the position had been carefully considered and it was resolved that the matter should be referred to the committee for further report. It was stated that the work would be proceeded with at once and that the tenders received were satisfactory. The meeting was held on Monday afternoon when a large number of members were present. The chairman said the position had been carefully considered and it was resolved that the matter should be referred to the committee for further report. It was stated that the work would be proceeded with at once and that the tenders received were satisfactory. The meeting was held on Monday afternoon when a large number of members were present. The chairman said the position had been carefully considered and it was resolved that the matter should be referred to the committee for further report. It was stated that the work would be proceeded with at once and that the tenders received were satisfactory.
EXHIBITION RIFLE MEETING.
THE OTAGO MATCH.
The meeting was held on Monday afternoon when a large number of members were present. The chairman said the position had been carefully considered and it was resolved that the matter should be referred to the committee for further report. It was stated that the work would be proceeded with at once and that the tenders received were satisfactory. The meeting was held on Monday afternoon when a large number of members were present. The chairman said the position had been carefully considered and it was resolved that the matter should be referred to the committee for further report. It was stated that the work would be proceeded with at once and that the tenders received were satisfactory.
DRUIDS' CONFERENCE.
The meeting was held on Monday afternoon when a large number of members were present. The chairman said the position had been carefully considered and it was resolved that the matter should be referred to the committee for further report. It was stated that the work would be proceeded with at once and that the tenders received were satisfactory. The meeting was held on Monday afternoon when a large number of members were present. The chairman said the position had been carefully considered and it was resolved that the matter should be referred to the committee for further report. It was stated that the work would be proceeded with at once and that the tenders received were satisfactory. The meeting was held on Monday afternoon when a large number of members were present. The chairman said the position had been carefully considered and it was resolved that the matter should be referred to the committee for further report. It was stated that the work would be proceeded with at once and that the tenders received were satisfactory. The meeting was held on Monday afternoon when a large number of members were present. The chairman said the position had been carefully considered and it was resolved that the matter should be referred to the committee for further report. It was stated that the work would be proceeded with at once and that the tenders received were satisfactory.
WESTPORT'S HARBOUR.
A REFUTATION.
The meeting was held on Monday afternoon when a large number of members were present. The chairman said the position had been carefully considered and it was resolved that the matter should be referred to the committee for further report. It was stated that the work would be proceeded with at once and that the tenders received were satisfactory. The meeting was held on Monday afternoon when a large number of members were present. The chairman said the position had been carefully considered and it was resolved that the matter should be referred to the committee for further report. It was stated that the work would be proceeded with at once and that the tenders received were satisfactory.
GIRL'S ATTEMPTED SUICIDE
The meeting was held on Monday afternoon when a large number of members were present. The chairman said the position had been carefully considered and it was resolved that the matter should be referred to the committee for further report. It was stated that the work would be proceeded with at once and that the tenders received were satisfactory. The meeting was held on Monday afternoon when a large number of members were present. The chairman said the position had been carefully considered and it was resolved that the matter should be referred to the committee for further report. It was stated that the work would be proceeded with at once and that the tenders received were satisfactory. The meeting was held on Monday afternoon when a large number of members were present. The chairman said the position had been carefully considered and it was resolved that the matter should be referred to the committee for further report. It was stated that the work would be proceeded with at once and that the tenders received were satisfactory. The meeting was held on Monday afternoon when a large number of members were present. The chairman said the position had been carefully considered and it was resolved that the matter should be referred to the committee for further report. It was stated that the work would be proceeded with at once and that the tenders received were satisfactory.
LATEST
TELEGRAMS.
THE EXHIBITION DAY BY DAY
The meeting was held on Monday afternoon when a large number of members were present. The chairman said the position had been carefully considered and it was resolved that the matter should be referred to the committee for further report. It was stated that the work would be proceeded with at once and that the tenders received were satisfactory. The meeting was held on Monday afternoon when a large number of members were present. The chairman said the position had been carefully considered and it was resolved that the matter should be referred to the committee for further report. It was stated that the work would be proceeded with at once and that the tenders received were satisfactory. The meeting was held on Monday afternoon when a large number of members were present. The chairman said the position had been carefully considered and it was resolved that the matter should be referred to the committee for further report. It was stated that the work would be proceeded with at once and that the tenders received were satisfactory. The meeting was held on Monday afternoon when a large number of members were present. The chairman said the position had been carefully considered and it was resolved that the matter should be referred to the committee for further report. It was stated that the work would be proceeded with at once and that the tenders received were satisfactory. The meeting was held on Monday afternoon when a large number of members were present. The chairman said the position had been carefully considered and it was resolved that the matter should be referred to the committee for further report. It was stated that the work would be proceeded with at once and that the tenders received were satisfactory. The meeting was held on Monday afternoon when a large number of members were present. The chairman said the position had been carefully considered and it was resolved that the matter should be referred to the committee for further report. It was stated that the work would be proceeded with at once and that the tenders received were satisfactory. The meeting was held on Monday afternoon when a large number of members were present. The chairman said the position had been carefully considered and it was resolved that the matter should be referred to the committee for further report. It was stated that the work would be proceeded with at once and that the tenders received were satisfactory.
The meeting was held on Monday afternoon when a large number of members were present. The chairman said the position had been carefully considered and it was resolved that the matter should be referred to the committee for further report. It was stated that the work would be proceeded with at once and that the tenders received were satisfactory. The meeting was held on Monday afternoon when a large number of members were present. The chairman said the position had been carefully considered and it was resolved that the matter should be referred to the committee for further report. It was stated that the work would be proceeded with at once and that the tenders received were satisfactory. The meeting was held on Monday afternoon when a large number of members were present. The chairman said the position had been carefully considered and it was resolved that the matter should be referred to the committee for further report. It was stated that the work would be proceeded with at once and that the tenders received were satisfactory. The meeting was held on Monday afternoon when a large number of members were present. The chairman said the position had been carefully considered and it was resolved that the matter should be referred to the committee for further report. It was stated that the work would be proceeded with at once and that the tenders received were satisfactory. The meeting was held on Monday afternoon when a large number of members were present. The chairman said the position had been carefully considered and it was resolved that the matter should be referred to the committee for further report. It was stated that the work would be proceeded with at once and that the tenders received were satisfactory. The meeting was held on Monday afternoon when a large number of members were present. The chairman said the position had been carefully considered and it was resolved that the matter should be referred to the committee for further report. It was stated that the work would be proceeded with at once and that the tenders received were satisfactory. The meeting was held on Monday afternoon when a large number of members were present. The chairman said the position had been carefully considered and it was resolved that the matter should be referred to the committee for further report. It was stated that the work would be proceeded with at once and that the tenders received were satisfactory.
CONFIDENCE TRICKSTERS.
NEW CHUM TAKEN DOWN.
The meeting was held on Monday afternoon when a large number of members were present. The chairman said the position had been carefully considered and it was resolved that the matter should be referred to the committee for further report. It was stated that the work would be proceeded with at once and that the tenders received were satisfactory. The meeting was held on Monday afternoon when a large number of members were present. The chairman said the position had been carefully considered and it was resolved that the matter should be referred to the committee for further report. It was stated that the work would be proceeded with at once and that the tenders received were satisfactory. The meeting was held on Monday afternoon when a large number of members were present. The chairman said the position had been carefully considered and it was resolved that the matter should be referred to the committee for further report. It was stated that the work would be proceeded with at once and that the tenders received were satisfactory. The meeting was held on Monday afternoon when a large number of members were present. The chairman said the position had been carefully considered and it was resolved that the matter should be referred to the committee for further report. It was stated that the work would be proceeded with at once and that the tenders received were satisfactory.
SERIOUS QUARRY ACCIDENT.
The meeting was held on Monday afternoon when a large number of members were present. The chairman said the position had been carefully considered and it was resolved that the matter should be referred to the committee for further report. It was stated that the work would be proceeded with at once and that the tenders received were satisfactory. The meeting was held on Monday afternoon when a large number of members were present. The chairman said the position had been carefully considered and it was resolved that the matter should be referred to the committee for further report. It was stated that the work would be proceeded with at once and that the tenders received were satisfactory. The meeting was held on Monday afternoon when a large number of members were present. The chairman said the position had been carefully considered and it was resolved that the matter should be referred to the committee for further report. It was stated that the work would be proceeded with at once and that the tenders received were satisfactory. The meeting was held on Monday afternoon when a large number of members were present. The chairman said the position had been carefully considered and it was resolved that the matter should be referred to the committee for further report. It was stated that the work would be proceeded with at once and that the tenders received were satisfactory.
ACCIDENTS AND FATALITIES
The meeting was held on Monday afternoon when a large number of members were present. The chairman said the position had been carefully considered and it was resolved that the matter should be referred to the committee for further report. It was stated that the work would be proceeded with at once and that the tenders received were satisfactory. The meeting was held on Monday afternoon when a large number of members were present. The chairman said the position had been carefully considered and it was resolved that the matter should be referred to the committee for further report. It was stated that the work would be proceeded with at once and that the tenders received were satisfactory. The meeting was held on Monday afternoon when a large number of members were present. The chairman said the position had been carefully considered and it was resolved that the matter should be referred to the committee for further report. It was stated that the work would be proceeded with at once and that the tenders received were satisfactory. The meeting was held on Monday afternoon when a large number of members were present. The chairman said the position had been carefully considered and it was resolved that the matter should be referred to the committee for further report. It was stated that the work would be proceeded with at once and that the tenders received were satisfactory. The meeting was held on Monday afternoon when a large number of members were present. The chairman said the position had been carefully considered and it was resolved that the matter should be referred to the committee for further report. It was stated that the work would be proceeded with at once and that the tenders received were satisfactory. The meeting was held on Monday afternoon when a large number of members were present. The chairman said the position had been carefully considered and it was resolved that the matter should be referred to the committee for further report. It was stated that the work would be proceeded with at once and that the tenders received were satisfactory. The meeting was held on Monday afternoon when a large number of members were present. The chairman said the position had been carefully considered and it was resolved that the matter should be referred to the committee for further report. It was stated that the work would be proceeded with at once and that the tenders received were satisfactory.
THE GENUINE SANDER & SONS EUCALYPTI EXTRACT.
